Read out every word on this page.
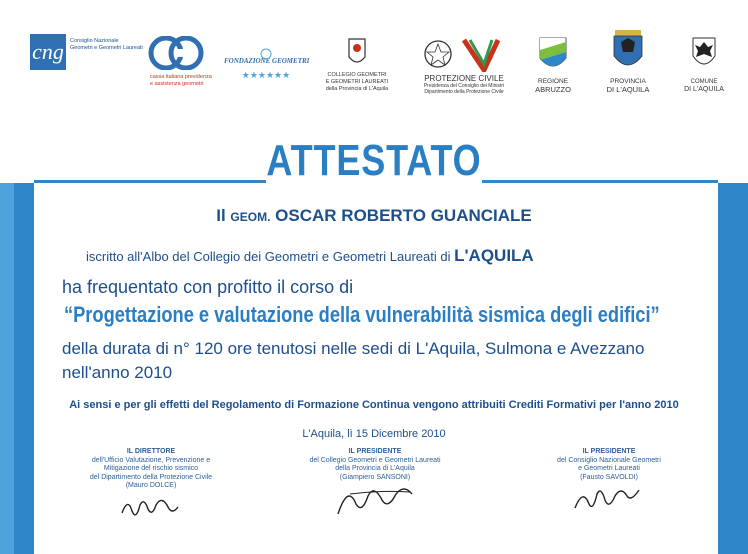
cng Consiglio Nazionale
Geometri e Geometri Laureati
cassa italiana previdenza
e assistenza geometri
FONDAZIONE GEOMETRI
★★★★★★	COLLEGIO GEOMETRI
E GEOMETRI LAUREATI
della Provincia di L'Aquila
PROTEZIONE CIVILE
Presidenza del Consiglio dei Ministri
Dipartimento della Protezione Civile
REGIONE
ABRUZZO
PROVINCIA
DI L'AQUILA
COMUNE
DI L'AQUILA
ATTESTATO
Il GEOM. OSCAR ROBERTO GUANCIALE
iscritto all'Albo del Collegio dei Geometri e Geometri Laureati di L'AQUILA
ha frequentato con profitto il corso di
“Progettazione e valutazione della vulnerabilità sismica degli edifici”
della durata di n° 120 ore tenutosi nelle sedi di L'Aquila, Sulmona e Avezzano
nell'anno 2010
Ai sensi e per gli effetti del Regolamento di Formazione Continua vengono attribuiti Crediti Formativi per l'anno 2010
L'Aquila, lì 15 Dicembre 2010
IL DIRETTORE
dell'Ufficio Valutazione, Prevenzione e
Mitigazione del rischio sismico
del Dipartimento della Protezione Civile
(Mauro DOLCE)
IL PRESIDENTE
del Collegio Geometri e Geometri Laureati
della Provincia di L'Aquila
(Giampiero SANSONI)
IL PRESIDENTE
del Consiglio Nazionale Geometri
e Geometri Laureati
(Fausto SAVOLDI)
